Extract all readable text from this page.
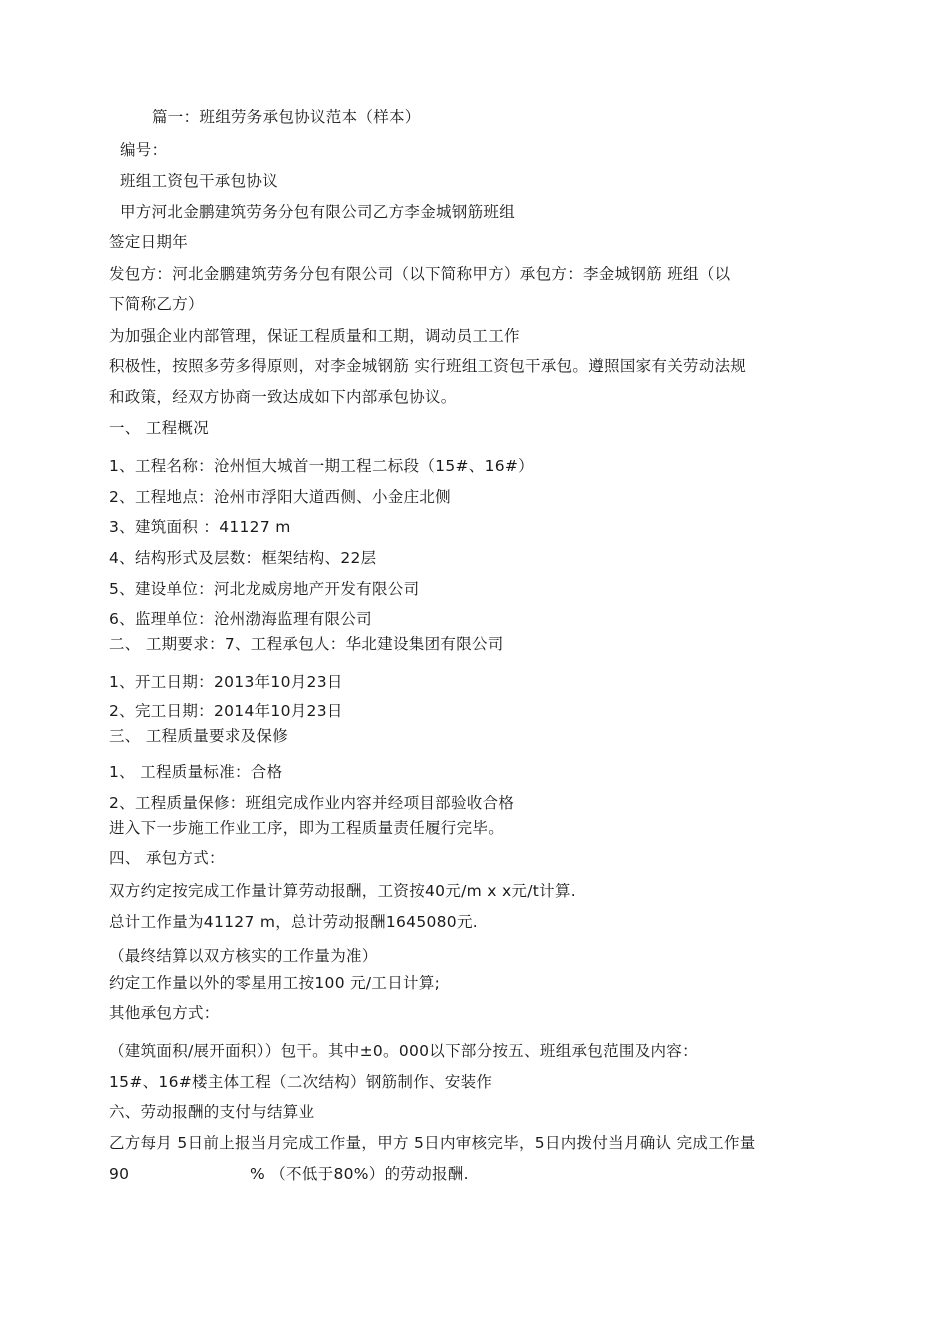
篇一：班组劳务承包协议范本（样本）
编号：
班组工资包干承包协议
甲方河北金鹏建筑劳务分包有限公司乙方李金城钢筋班组
签定日期年
发包方：河北金鹏建筑劳务分包有限公司（以下简称甲方）承包方：李金城钢筋 班组（以
下简称乙方）
为加强企业内部管理，保证工程质量和工期，调动员工工作
积极性，按照多劳多得原则，对李金城钢筋 实行班组工资包干承包。遵照国家有关劳动法规
和政策，经双方协商一致达成如下内部承包协议。
一、 工程概况
1、工程名称：沧州恒大城首一期工程二标段（15#、16#）
2、工程地点：沧州市浮阳大道西侧、小金庄北侧
3、建筑面积 ：41127 m
4、结构形式及层数：框架结构、22层
5、建设单位：河北龙威房地产开发有限公司
6、监理单位：沧州渤海监理有限公司
二、 工期要求：7、工程承包人：华北建设集团有限公司
1、开工日期：2013年10月23日
2、完工日期：2014年10月23日
三、 工程质量要求及保修
1、 工程质量标准：合格
2、工程质量保修：班组完成作业内容并经项目部验收合格
进入下一步施工作业工序，即为工程质量责任履行完毕。
四、 承包方式：
双方约定按完成工作量计算劳动报酬，工资按40元/m x x元/t计算.
总计工作量为41127 m，总计劳动报酬1645080元.
（最终结算以双方核实的工作量为准）
约定工作量以外的零星用工按100 元/工日计算;
其他承包方式：
（建筑面积/展开面积））包干。其中±0。000以下部分按五、班组承包范围及内容：
15#、16#楼主体工程（二次结构）钢筋制作、安装作
六、劳动报酬的支付与结算业
乙方每月 5日前上报当月完成工作量，甲方 5日内审核完毕，5日内拨付当月确认 完成工作量
90	% （不低于80%）的劳动报酬.
